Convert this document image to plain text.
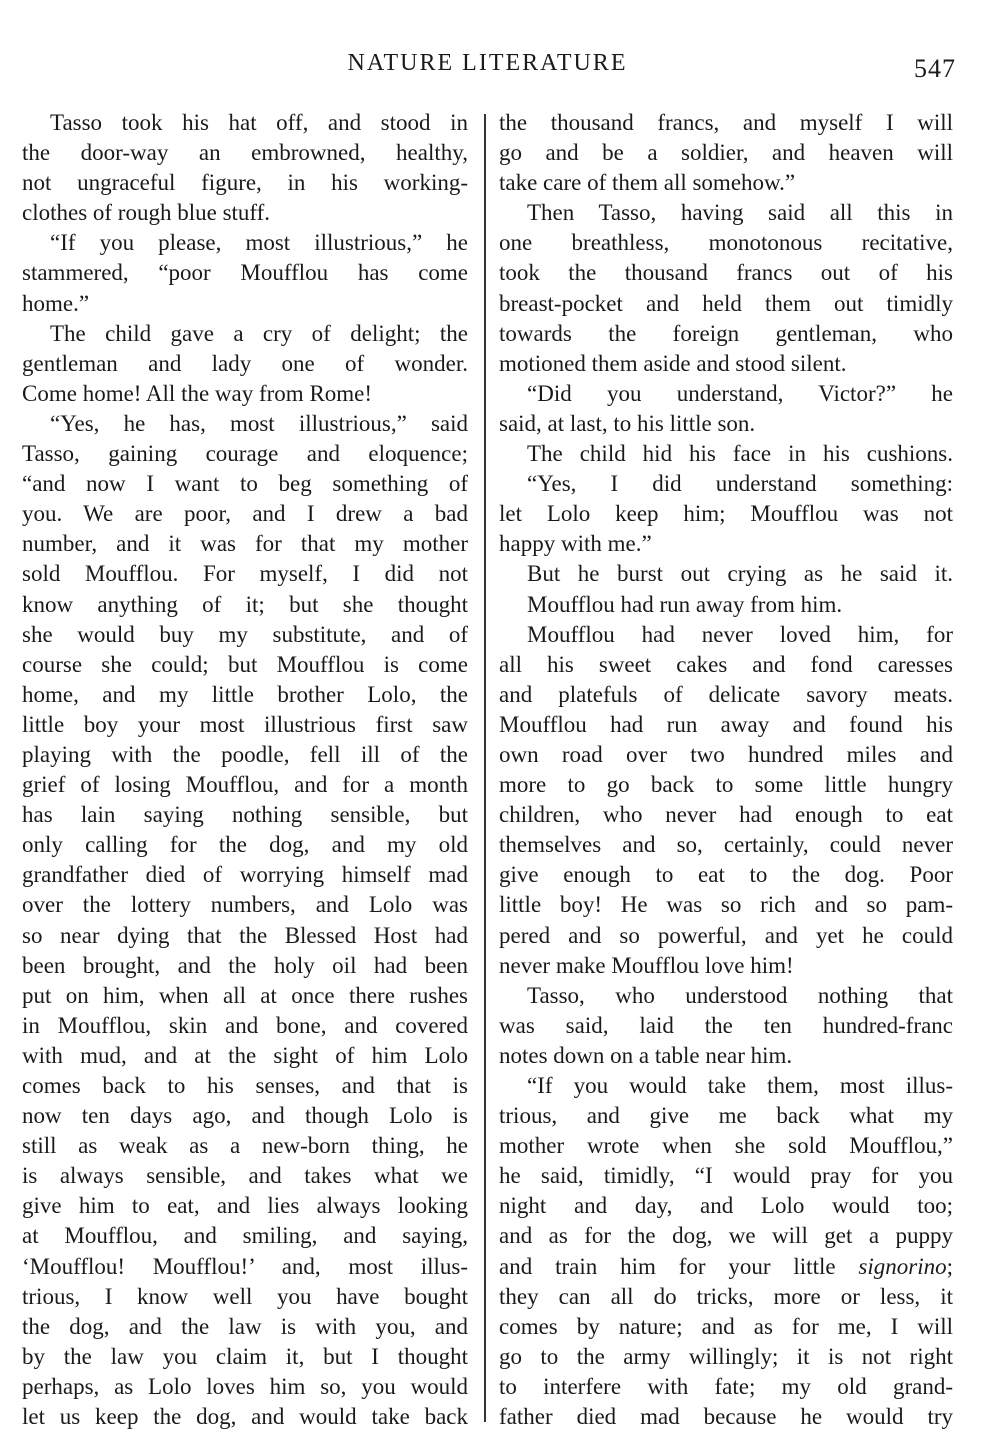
NATURE LITERATURE	547
Tasso took his hat off, and stood in
the door-way an embrowned, healthy,
not ungraceful figure, in his working-
clothes of rough blue stuff.
“If you please, most illustrious,” he
stammered, “poor Moufflou has come
home.”
The child gave a cry of delight; the
gentleman and lady one of wonder.
Come home! All the way from Rome!
“Yes, he has, most illustrious,” said
Tasso, gaining courage and eloquence;
“and now I want to beg something of
you. We are poor, and I drew a bad
number, and it was for that my mother
sold Moufflou. For myself, I did not
know anything of it; but she thought
she would buy my substitute, and of
course she could; but Moufflou is come
home, and my little brother Lolo, the
little boy your most illustrious first saw
playing with the poodle, fell ill of the
grief of losing Moufflou, and for a month
has lain saying nothing sensible, but
only calling for the dog, and my old
grandfather died of worrying himself mad
over the lottery numbers, and Lolo was
so near dying that the Blessed Host had
been brought, and the holy oil had been
put on him, when all at once there rushes
in Moufflou, skin and bone, and covered
with mud, and at the sight of him Lolo
comes back to his senses, and that is
now ten days ago, and though Lolo is
still as weak as a new-born thing, he
is always sensible, and takes what we
give him to eat, and lies always looking
at Moufflou, and smiling, and saying,
‘Moufflou! Moufflou!’ and, most illus-
trious, I know well you have bought
the dog, and the law is with you, and
by the law you claim it, but I thought
perhaps, as Lolo loves him so, you would
let us keep the dog, and would take back
the thousand francs, and myself I will
go and be a soldier, and heaven will
take care of them all somehow.”
Then Tasso, having said all this in
one breathless, monotonous recitative,
took the thousand francs out of his
breast-pocket and held them out timidly
towards the foreign gentleman, who
motioned them aside and stood silent.
“Did you understand, Victor?” he
said, at last, to his little son.
The child hid his face in his cushions.
“Yes, I did understand something:
let Lolo keep him; Moufflou was not
happy with me.”
But he burst out crying as he said it.
Moufflou had run away from him.
Moufflou had never loved him, for
all his sweet cakes and fond caresses
and platefuls of delicate savory meats.
Moufflou had run away and found his
own road over two hundred miles and
more to go back to some little hungry
children, who never had enough to eat
themselves and so, certainly, could never
give enough to eat to the dog. Poor
little boy! He was so rich and so pam-
pered and so powerful, and yet he could
never make Moufflou love him!
Tasso, who understood nothing that
was said, laid the ten hundred-franc
notes down on a table near him.
“If you would take them, most illus-
trious, and give me back what my
mother wrote when she sold Moufflou,”
he said, timidly, “I would pray for you
night and day, and Lolo would too;
and as for the dog, we will get a puppy
and train him for your little signorino;
they can all do tricks, more or less, it
comes by nature; and as for me, I will
go to the army willingly; it is not right
to interfere with fate; my old grand-
father died mad because he would try
